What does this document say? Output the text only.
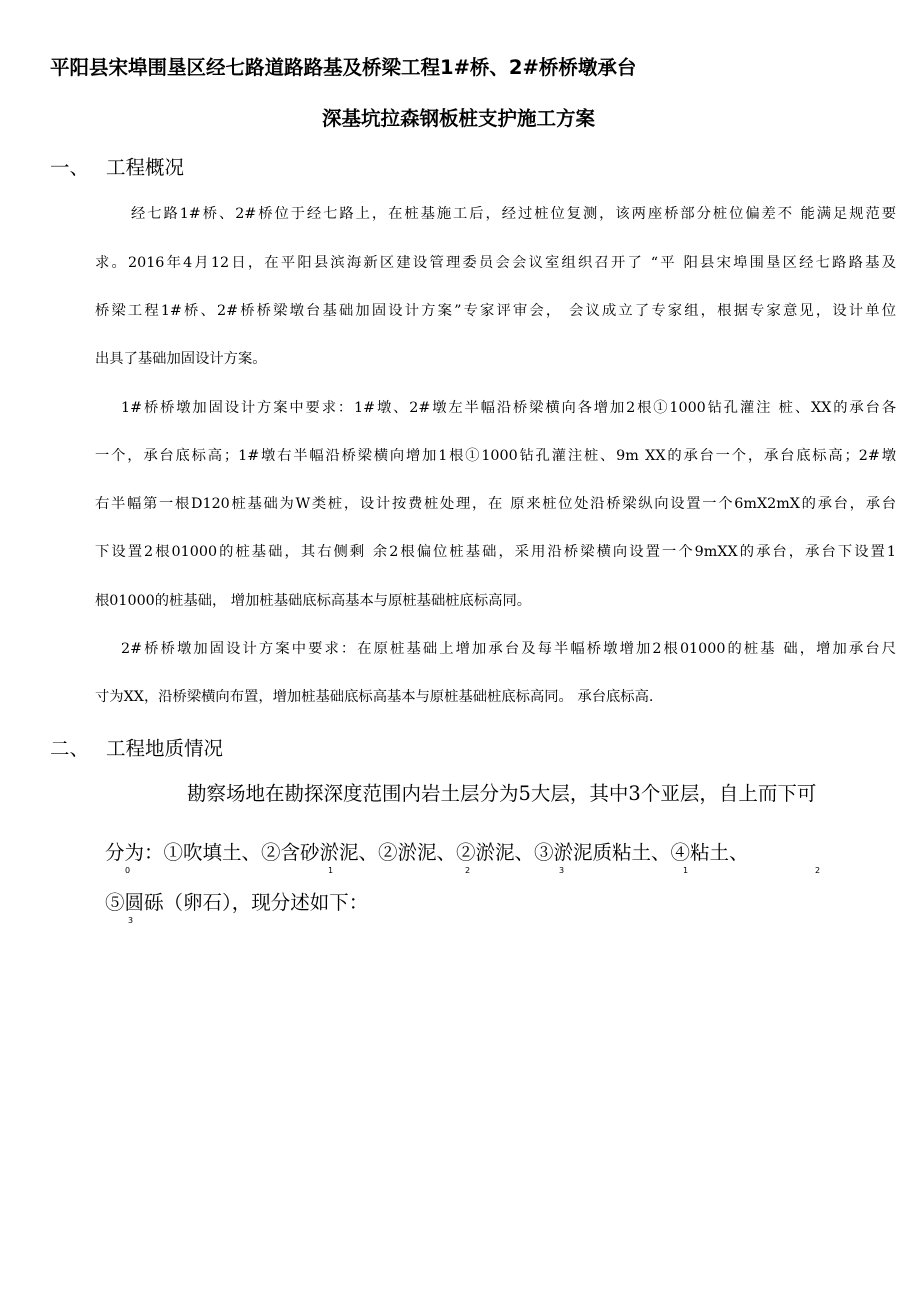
平阳县宋埠围垦区经七路道路路基及桥梁工程1#桥、2#桥桥墩承台
深基坑拉森钢板桩支护施工方案
一、 工程概况
经七路1#桥、2#桥位于经七路上，在桩基施工后，经过桩位复测，该两座桥部分桩位偏差不 能满足规范要
求。2016年4月12日，在平阳县滨海新区建设管理委员会会议室组织召开了 “平 阳县宋埠围垦区经七路路基及
桥梁工程1#桥、2#桥桥梁墩台基础加固设计方案”专家评审会， 会议成立了专家组，根据专家意见，设计单位
出具了基础加固设计方案。
1#桥桥墩加固设计方案中要求：1#墩、2#墩左半幅沿桥梁横向各增加2根①1000钻孔灌注 桩、XX的承台各
一个，承台底标高；1#墩右半幅沿桥梁横向增加1根①1000钻孔灌注桩、9m XX的承台一个，承台底标高；2#墩
右半幅第一根D120桩基础为W类桩，设计按费桩处理，在 原来桩位处沿桥梁纵向设置一个6mX2mX的承台，承台
下设置2根01000的桩基础，其右侧剩 余2根偏位桩基础，采用沿桥梁横向设置一个9mXX的承台，承台下设置1
根01000的桩基础， 增加桩基础底标高基本与原桩基础桩底标高同。
2#桥桥墩加固设计方案中要求：在原桩基础上增加承台及每半幅桥墩增加2根01000的桩基 础，增加承台尺
寸为XX，沿桥梁横向布置，增加桩基础底标高基本与原桩基础桩底标高同。 承台底标高.
二、 工程地质情况
勘察场地在勘探深度范围内岩土层分为5大层，其中3个亚层，自上而下可
分为：①吹填土、②含砂淤泥、②淤泥、②淤泥、③淤泥质粘土、④粘土、
⑤圆砾（卵石），现分述如下：
0	1	2	3	1	2
3
